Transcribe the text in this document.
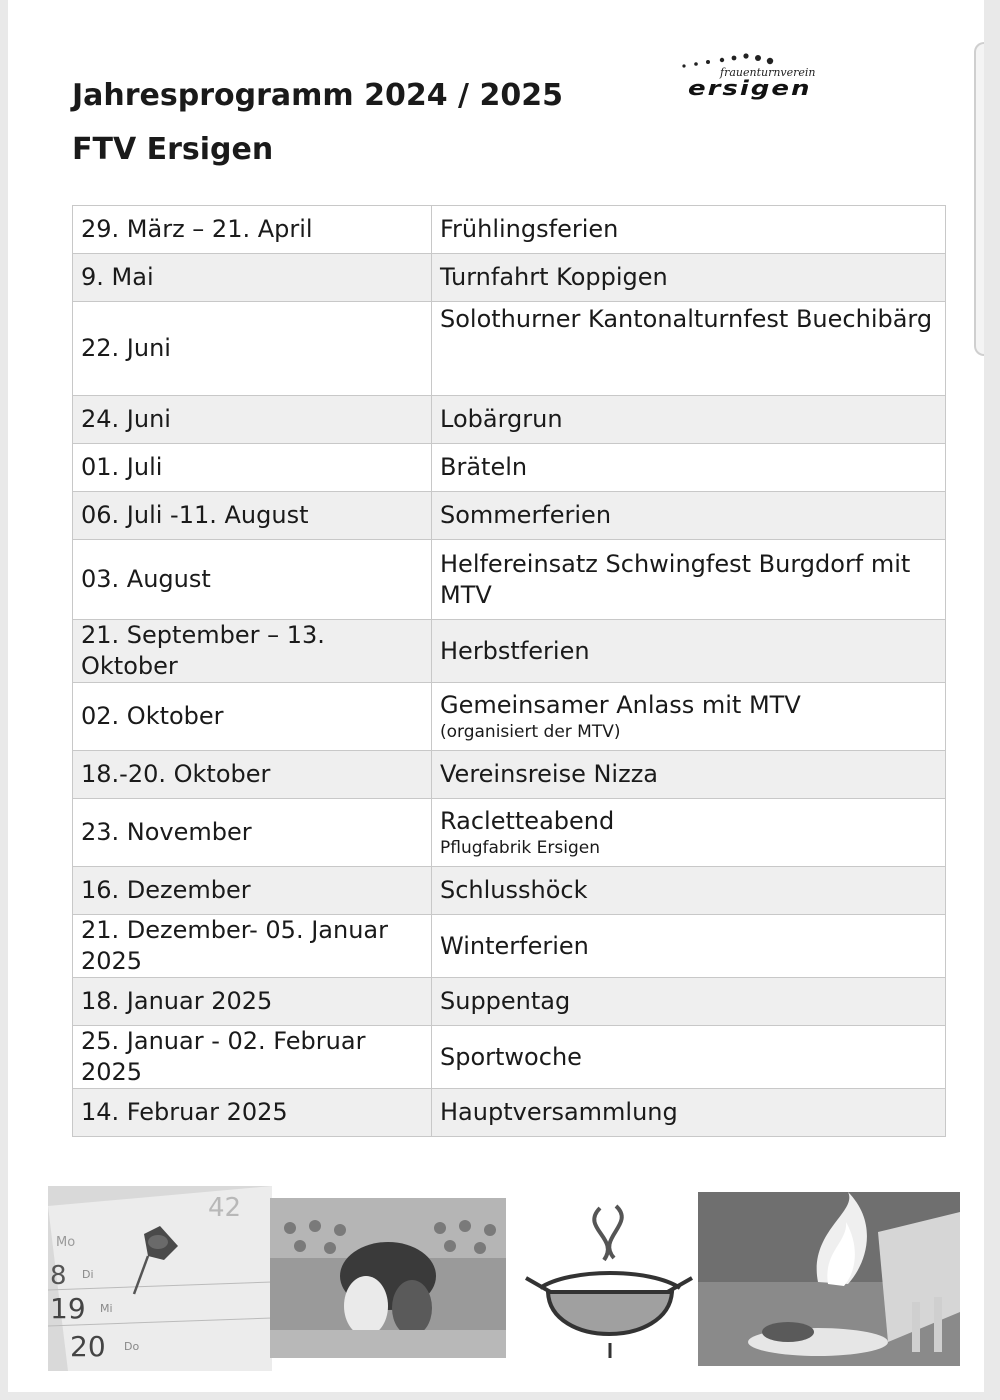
Jahresprogramm 2024 / 2025
FTV Ersigen
frauenturnverein
ersigen
29. März – 21. April	Frühlingsferien
9. Mai	Turnfahrt Koppigen
22. Juni	Solothurner Kantonalturnfest Buechibärg
24. Juni	Lobärgrun
01. Juli	Bräteln
06. Juli -11. August	Sommerferien
03. August	Helfereinsatz Schwingfest Burgdorf mit MTV
21. September – 13. Oktober	Herbstferien
02. Oktober	Gemeinsamer Anlass mit MTV
(organisiert der MTV)

18.-20. Oktober	Vereinsreise Nizza
23. November	Racletteabend
Pflugfabrik Ersigen

16. Dezember	Schlusshöck
21. Dezember- 05. Januar 2025	Winterferien
18. Januar 2025	Suppentag
25. Januar - 02. Februar 2025	Sportwoche
14. Februar 2025	Hauptversammlung
42
Mo
8 Di
19 Mi
20 Do
